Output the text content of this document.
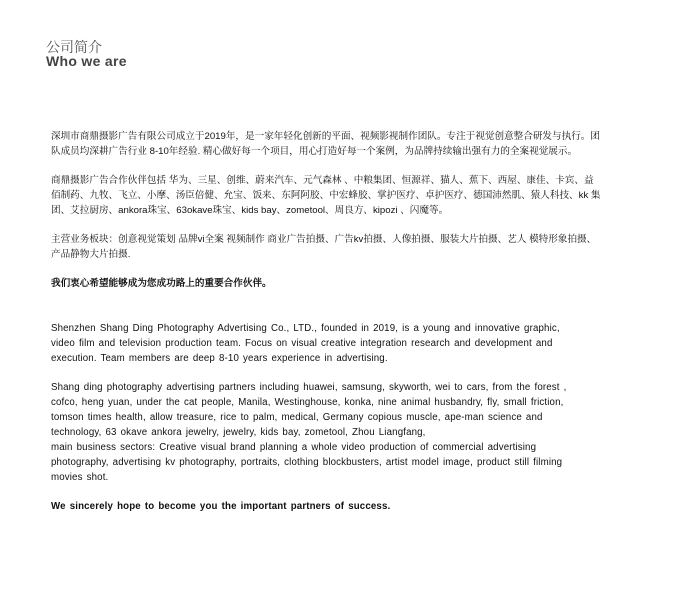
公司简介
Who we are
深圳市商鼎摄影广告有限公司成立于2019年，是一家年轻化创新的平面、视频影视制作团队。专注于视觉创意整合研发与执行。团
队成员均深耕广告行业 8-10年经验. 精心做好每一个项目，用心打造好每一个案例，为品牌持续输出强有力的全案视觉展示。
商鼎摄影广告合作伙伴包括 华为、三星、创维、蔚来汽车、元气森林 、中粮集团、恒源祥、猫人、蕉下、西屋、康佳、卡宾、益
佰制药、九牧、飞立、小摩、汤臣倍健、允宝、饭来、东阿阿胶、中宏蜂胶、掌护医疗、卓护医疗、德国沛然肌、猿人科技、kk 集
团、艾拉厨房、ankora珠宝、63okave珠宝、kids bay、zometool、周良方、kipozi 、闪魔等。
主营业务板块：创意视觉策划 品牌vi全案 视频制作 商业广告拍摄、广告kv拍摄、人像拍摄、服装大片拍摄、艺人 模特形象拍摄、
产品静物大片拍摄.
我们衷心希望能够成为您成功路上的重要合作伙伴。
Shenzhen Shang Ding Photography Advertising Co., LTD., founded in 2019, is a young and innovative graphic,
video film and television production team. Focus on visual creative integration research and development and
execution. Team members are deep 8-10 years experience in advertising.
Shang ding photography advertising partners including huawei, samsung, skyworth, wei to cars, from the forest ,
cofco, heng yuan, under the cat people, Manila, Westinghouse, konka, nine animal husbandry, fly, small friction,
tomson times health, allow treasure, rice to palm, medical, Germany copious muscle, ape-man science and
technology, 63 okave ankora jewelry, jewelry, kids bay, zometool, Zhou Liangfang,
main business sectors: Creative visual brand planning a whole video production of commercial advertising
photography, advertising kv photography, portraits, clothing blockbusters, artist model image, product still filming
movies shot.
We sincerely hope to become you the important partners of success.
